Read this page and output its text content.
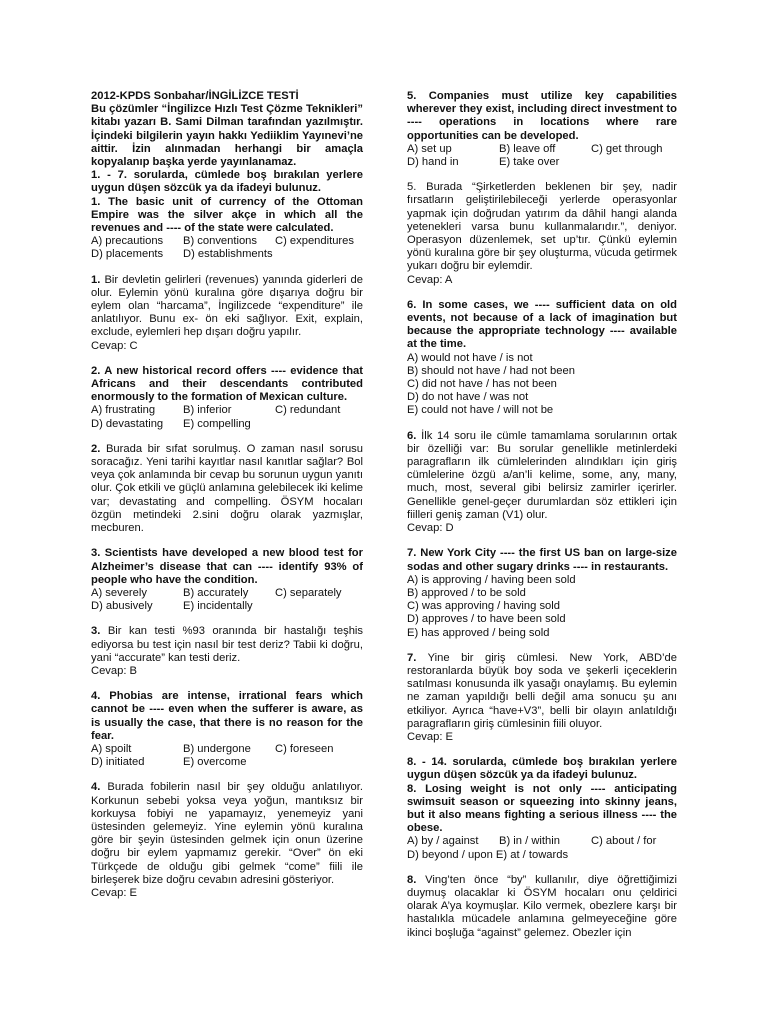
2012-KPDS Sonbahar/İNGİLİZCE TESTİ

Bu çözümler “İngilizce Hızlı Test Çözme Teknikleri” kitabı yazarı B. Sami Dilman tarafından yazılmıştır. İçindeki bilgilerin yayın hakkı Yediiklim Yayınevi’ne aittir. İzin alınmadan herhangi bir amaçla kopyalanıp başka yerde yayınlanamaz.

1. - 7. sorularda, cümlede boş bırakılan yerlere uygun düşen sözcük ya da ifadeyi bulunuz.

1. The basic unit of currency of the Ottoman Empire was the silver akçe in which all the revenues and ---- of the state were calculated.

A) precautions	B) conventions	C) expenditures
D) placements	D) establishments

1. Bir devletin gelirleri (revenues) yanında giderleri de olur. Eylemin yönü kuralına göre dışarıya doğru bir eylem olan “harcama”, İngilizcede “expenditure” ile anlatılıyor. Bunu ex- ön eki sağlıyor. Exit, explain, exclude, eylemleri hep dışarı doğru yapılır.

Cevap: C

2. A new historical record offers ---- evidence that Africans and their descendants contributed enormously to the formation of Mexican culture.

A) frustrating	B) inferior	C) redundant
D) devastating	E) compelling

2. Burada bir sıfat sorulmuş. O zaman nasıl sorusu soracağız. Yeni tarihi kayıtlar nasıl kanıtlar sağlar? Bol veya çok anlamında bir cevap bu sorunun uygun yanıtı olur. Çok etkili ve güçlü anlamına gelebilecek iki kelime var; devastating and compelling. ÖSYM hocaları özgün metindeki 2.sini doğru olarak yazmışlar, mecburen.

3. Scientists have developed a new blood test for Alzheimer’s disease that can ---- identify 93% of people who have the condition.

A) severely	B) accurately	C) separately
D) abusively	E) incidentally

3. Bir kan testi %93 oranında bir hastalığı teşhis ediyorsa bu test için nasıl bir test deriz? Tabii ki doğru, yani “accurate” kan testi deriz.

Cevap: B

4. Phobias are intense, irrational fears which cannot be ---- even when the sufferer is aware, as is usually the case, that there is no reason for the fear.

A) spoilt	B) undergone	C) foreseen
D) initiated	E) overcome

4. Burada fobilerin nasıl bir şey olduğu anlatılıyor. Korkunun sebebi yoksa veya yoğun, mantıksız bir korkuysa fobiyi ne yapamayız, yenemeyiz yani üstesinden gelemeyiz. Yine eylemin yönü kuralına göre bir şeyin üstesinden gelmek için onun üzerine doğru bir eylem yapmamız gerekir. “Over” ön eki Türkçede de olduğu gibi gelmek “come” fiili ile birleşerek bize doğru cevabın adresini gösteriyor.

Cevap: E

5. Companies must utilize key capabilities wherever they exist, including direct investment to ---- operations in locations where rare opportunities can be developed.

A) set up	B) leave off	C) get through
D) hand in	E) take over

5. Burada “Şirketlerden beklenen bir şey, nadir fırsatların geliştirilebileceği yerlerde operasyonlar yapmak için doğrudan yatırım da dâhil hangi alanda yetenekleri varsa bunu kullanmalarıdır.”, deniyor. Operasyon düzenlemek, set up’tır. Çünkü eylemin yönü kuralına göre bir şey oluşturma, vücuda getirmek yukarı doğru bir eylemdir.

Cevap: A

6. In some cases, we ---- sufficient data on old events, not because of a lack of imagination but because the appropriate technology ---- available at the time.

A) would not have / is not

B) should not have / had not been

C) did not have / has not been

D) do not have / was not

E) could not have / will not be

6. İlk 14 soru ile cümle tamamlama sorularının ortak bir özelliği var: Bu sorular genellikle metinlerdeki paragrafların ilk cümlelerinden alındıkları için giriş cümlelerine özgü a/an’li kelime, some, any, many, much, most, several gibi belirsiz zamirler içerirler. Genellikle genel-geçer durumlardan söz ettikleri için fiilleri geniş zaman (V1) olur.

Cevap: D

7. New York City ---- the first US ban on large-size sodas and other sugary drinks ---- in restaurants.

A) is approving / having been sold

B) approved / to be sold

C) was approving / having sold

D) approves / to have been sold

E) has approved / being sold

7. Yine bir giriş cümlesi. New York, ABD’de restoranlarda büyük boy soda ve şekerli içeceklerin satılması konusunda ilk yasağı onaylamış. Bu eylemin ne zaman yapıldığı belli değil ama sonucu şu anı etkiliyor. Ayrıca “have+V3”, belli bir olayın anlatıldığı paragrafların giriş cümlesinin fiili oluyor.

Cevap: E

8. - 14. sorularda, cümlede boş bırakılan yerlere uygun düşen sözcük ya da ifadeyi bulunuz.

8. Losing weight is not only ---- anticipating swimsuit season or squeezing into skinny jeans, but it also means fighting a serious illness ---- the obese.

A) by / against	B) in / within	C) about / for
D) beyond / upon E) at / towards

8. Ving’ten önce “by” kullanılır, diye öğrettiğimizi duymuş olacaklar ki ÖSYM hocaları onu çeldirici olarak A’ya koymuşlar. Kilo vermek, obezlere karşı bir hastalıkla mücadele anlamına gelmeyeceğine göre ikinci boşluğa “against” gelemez. Obezler için
